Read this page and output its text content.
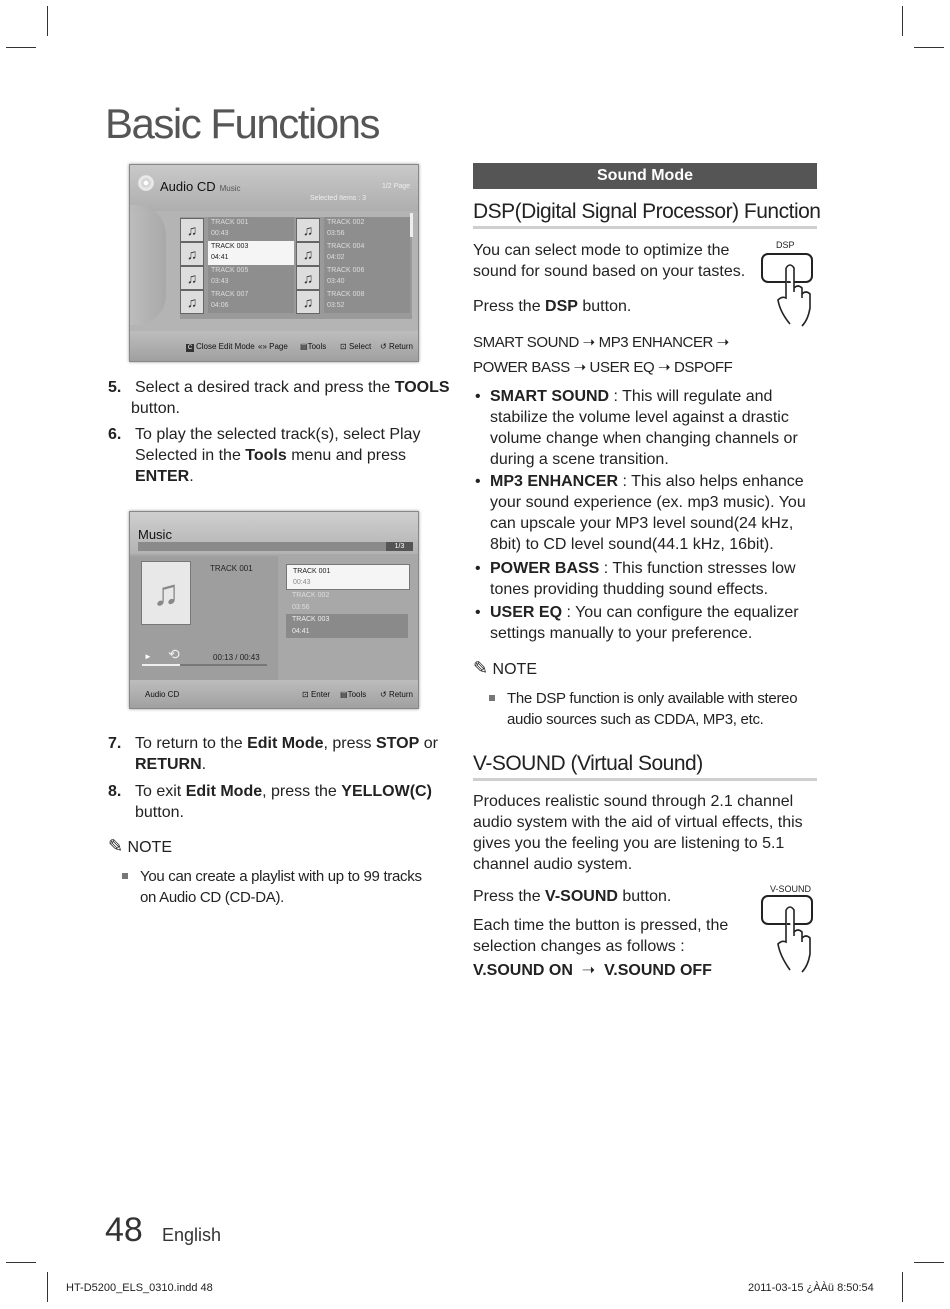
Basic Functions
Audio CD Music	1/2 Page
Selected Items : 3
♫	TRACK 001
00:43	♫	TRACK 002
03:56
♫	TRACK 003
04:41	♫	TRACK 004
04:02
♫	TRACK 005
03:43	♫	TRACK 006
03:40
♫	TRACK 007
04:06	♫	TRACK 008
03:52
C Close Edit Mode «» Page ▤Tools ⊡ Select ↺ Return
5. Select a desired track and press the TOOLS
button.
6. To play the selected track(s), select Play
Selected in the Tools menu and press
ENTER.
Music
1/3
♫
TRACK 001
► ⟲	00:13 / 00:43
TRACK 001
00:43
TRACK 002
03:56
TRACK 003
04:41
Audio CD	⊡ Enter ▤Tools ↺ Return
7. To return to the Edit Mode, press STOP or
RETURN.
8. To exit Edit Mode, press the YELLOW(C)
button.
✎ NOTE
You can create a playlist with up to 99 tracks
on Audio CD (CD-DA).
Sound Mode
DSP(Digital Signal Processor) Function
You can select mode to optimize the
sound for sound based on your tastes.
Press the DSP button.
DSP
SMART SOUND ➝ MP3 ENHANCER ➝
POWER BASS ➝ USER EQ ➝ DSPOFF
• SMART SOUND : This will regulate and
stabilize the volume level against a drastic
volume change when changing channels or
during a scene transition.
• MP3 ENHANCER : This also helps enhance
your sound experience (ex. mp3 music). You
can upscale your MP3 level sound(24 kHz,
8bit) to CD level sound(44.1 kHz, 16bit).
• POWER BASS : This function stresses low
tones providing thudding sound effects.
• USER EQ : You can configure the equalizer
settings manually to your preference.
✎ NOTE
The DSP function is only available with stereo
audio sources such as CDDA, MP3, etc.
V-SOUND (Virtual Sound)
Produces realistic sound through 2.1 channel
audio system with the aid of virtual effects, this
gives you the feeling you are listening to 5.1
channel audio system.
Press the V-SOUND button.
Each time the button is pressed, the
selection changes as follows :
V.SOUND ON ➝ V.SOUND OFF
V-SOUND
48 English
HT-D5200_ELS_0310.indd 48	2011-03-15 ¿ÀÀü 8:50:54
